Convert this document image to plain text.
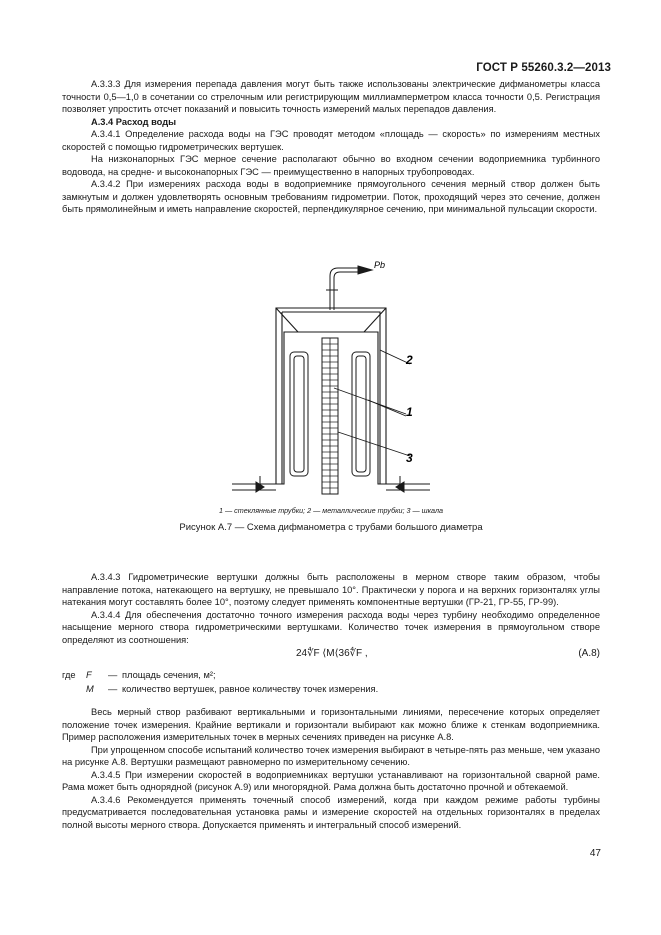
ГОСТ Р 55260.3.2—2013

А.3.3.3 Для измерения перепада давления могут быть также использованы электрические дифманометры класса точности 0,5—1,0 в сочетании со стрелочным или регистрирующим миллиамперметром класса точности 0,5. Регистрация позволяет упростить отсчет показаний и повысить точность измерений малых перепадов давления.

А.3.4 Расход воды

А.3.4.1 Определение расхода воды на ГЭС проводят методом «площадь — скорость» по измерениям местных скоростей с помощью гидрометрических вертушек.

На низконапорных ГЭС мерное сечение располагают обычно во входном сечении водоприемника турбинного водовода, на средне- и высоконапорных ГЭС — преимущественно в напорных трубопроводах.

А.3.4.2 При измерениях расхода воды в водоприемнике прямоугольного сечения мерный створ должен быть замкнутым и должен удовлетворять основным требованиям гидрометрии. Поток, проходящий через это сечение, должен быть прямолинейным и иметь направление скоростей, перпендикулярное сечению, при минимальной пульсации скорости.

Pb
2
1
3
1 — стеклянные трубки; 2 — металлические трубки; 3 — шкала
Рисунок А.7 — Схема дифманометра с трубами большого диаметра

А.3.4.3 Гидрометрические вертушки должны быть расположены в мерном створе таким образом, чтобы направление потока, натекающего на вертушку, не превышало 10°. Практически у порога и на верхних горизонталях углы натекания могут составлять более 10°, поэтому следует применять компонентные вертушки (ГР-21, ГР-55, ГР-99).

А.3.4.4 Для обеспечения достаточно точного измерения расхода воды через турбину необходимо определенное насыщение мерного створа гидрометрическими вертушками. Количество точек измерения в прямоугольном створе определяют из соотношения:

24∜F ⟨M⟨36∜F ,	(А.8)
где	F	— площадь сечения, м²;
M	— количество вертушек, равное количеству точек измерения.

Весь мерный створ разбивают вертикальными и горизонтальными линиями, пересечение которых определяет положение точек измерения. Крайние вертикали и горизонтали выбирают как можно ближе к стенкам водоприемника. Пример расположения измерительных точек в мерных сечениях приведен на рисунке А.8.

При упрощенном способе испытаний количество точек измерения выбирают в четыре-пять раз меньше, чем указано на рисунке А.8. Вертушки размещают равномерно по измерительному сечению.

А.3.4.5 При измерении скоростей в водоприемниках вертушки устанавливают на горизонтальной сварной раме. Рама может быть однорядной (рисунок А.9) или многорядной. Рама должна быть достаточно прочной и обтекаемой.

А.3.4.6 Рекомендуется применять точечный способ измерений, когда при каждом режиме работы турбины предусматривается последовательная установка рамы и измерение скоростей на отдельных горизонталях в пределах полной высоты мерного створа. Допускается применять и интегральный способ измерений.

47
